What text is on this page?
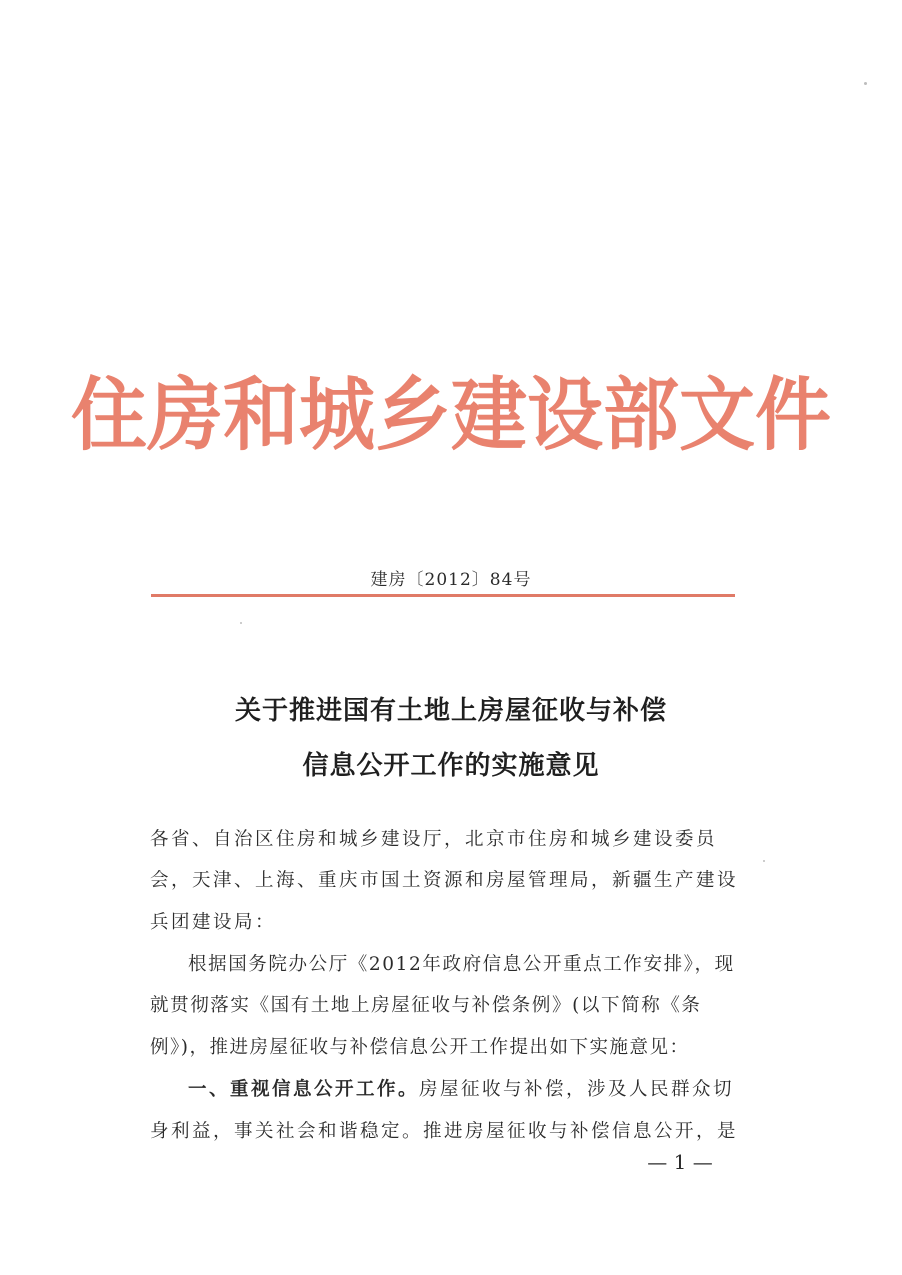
住房和城乡建设部文件
建房〔2012〕84号
关于推进国有土地上房屋征收与补偿
信息公开工作的实施意见
各省、自治区住房和城乡建设厅，北京市住房和城乡建设委员
会，天津、上海、重庆市国土资源和房屋管理局，新疆生产建设
兵团建设局：
根据国务院办公厅《2012年政府信息公开重点工作安排》，现
就贯彻落实《国有土地上房屋征收与补偿条例》(以下简称《条
例》)，推进房屋征收与补偿信息公开工作提出如下实施意见：
一、重视信息公开工作。房屋征收与补偿，涉及人民群众切
身利益，事关社会和谐稳定。推进房屋征收与补偿信息公开，是
— 1 —
